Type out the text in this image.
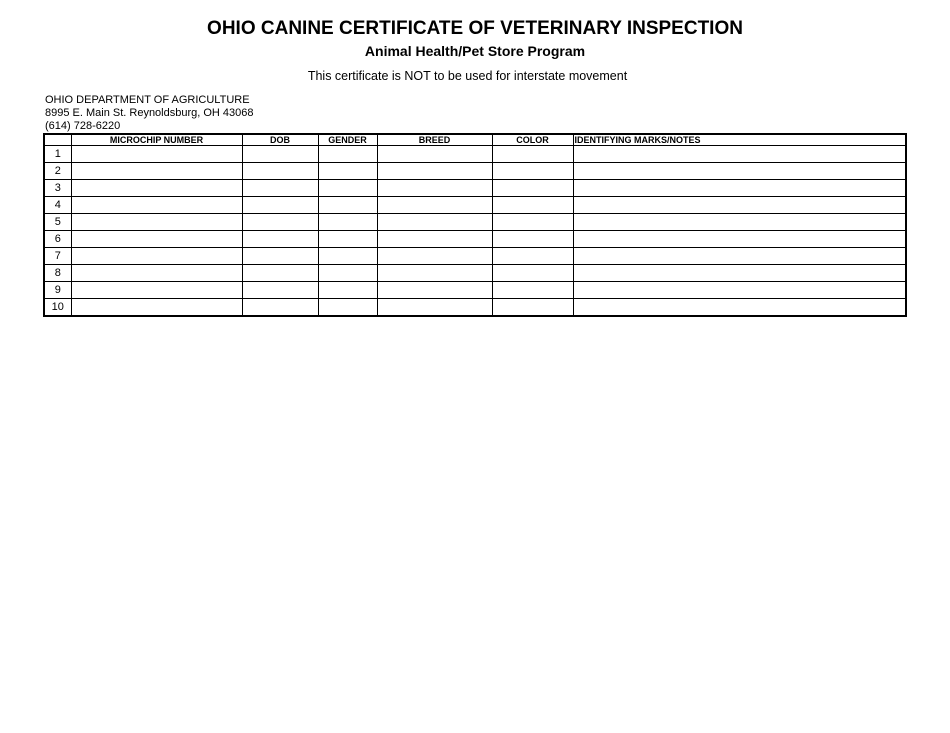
OHIO CANINE CERTIFICATE OF VETERINARY INSPECTION
Animal Health/Pet Store Program
This certificate is NOT to be used for interstate movement
OHIO DEPARTMENT OF AGRICULTURE
8995 E. Main St. Reynoldsburg, OH 43068
(614) 728-6220
	MICROCHIP NUMBER	DOB	GENDER	BREED	COLOR	IDENTIFYING MARKS/NOTES
1						
2						
3						
4						
5						
6						
7						
8						
9						
10						
